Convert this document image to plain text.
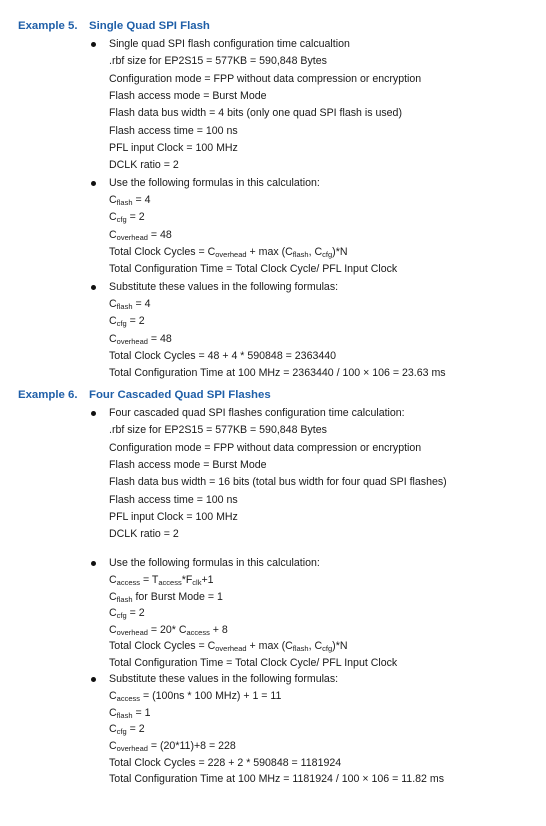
Example 5. Single Quad SPI Flash
Single quad SPI flash configuration time calcualtion
.rbf size for EP2S15 = 577KB = 590,848 Bytes
Configuration mode = FPP without data compression or encryption
Flash access mode = Burst Mode
Flash data bus width = 4 bits (only one quad SPI flash is used)
Flash access time = 100 ns
PFL input Clock = 100 MHz
DCLK ratio = 2
Use the following formulas in this calculation:
$C_{flash} = 4$
$C_{cfg} = 2$
$C_{overhead} = 48$
Total Clock Cycles = $C_{overhead} + \max (C_{flash}$, $C_{cfg})*N$
Total Configuration Time = Total Clock Cycle/ PFL Input Clock
Substitute these values in the following formulas:
$C_{flash} = 4$
$C_{cfg} = 2$
$C_{overhead} = 48$
Total Clock Cycles = 48 + 4 * 590848 = 2363440
Total Configuration Time at 100 MHz = 2363440 / 100 × 106 = 23.63 ms
Example 6. Four Cascaded Quad SPI Flashes
Four cascaded quad SPI flashes configuration time calculation:
.rbf size for EP2S15 = 577KB = 590,848 Bytes
Configuration mode = FPP without data compression or encryption
Flash access mode = Burst Mode
Flash data bus width = 16 bits (total bus width for four quad SPI flashes)
Flash access time = 100 ns
PFL input Clock = 100 MHz
DCLK ratio = 2
Use the following formulas in this calculation:
$C_{access} = T_{access}*F_{clk}+1$
$C_{flash}$ for Burst Mode = 1
$C_{cfg} = 2$
$C_{overhead} = 20*$ $C_{access} + 8$
Total Clock Cycles = $C_{overhead} + \max (C_{flash}$, $C_{cfg})*N$
Total Configuration Time = Total Clock Cycle/ PFL Input Clock
Substitute these values in the following formulas:
$C_{access} = (100ns * 100$ MHz) + 1 = 11
$C_{flash} = 1$
$C_{cfg} = 2$
$C_{overhead} = (20*11)+8 = 228$
Total Clock Cycles = 228 + 2 * 590848 = 1181924
Total Configuration Time at 100 MHz = 1181924 / 100 × 106 = 11.82 ms
